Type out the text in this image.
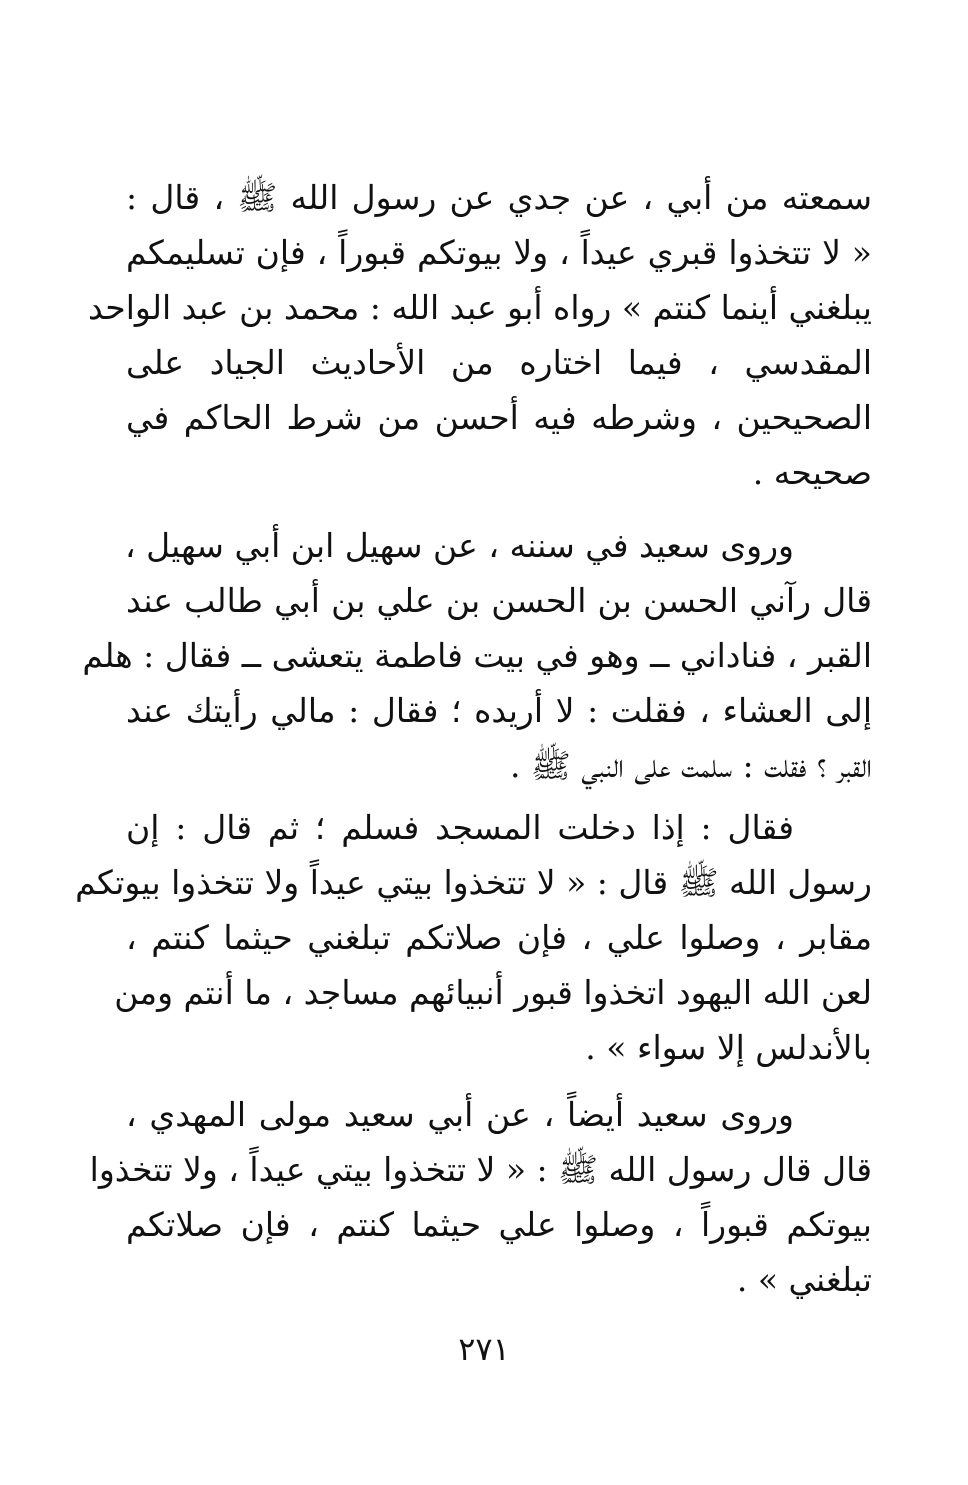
سمعته من أبي ، عن جدي عن رسول الله ﷺ ، قال :
« لا تتخذوا قبري عيداً ، ولا بيوتكم قبوراً ، فإن تسليمكم
يبلغني أينما كنتم » رواه أبو عبد الله : محمد بن عبد الواحد
المقدسي ، فيما اختاره من الأحاديث الجياد على
الصحيحين ، وشرطه فيه أحسن من شرط الحاكم في
صحيحه .
وروى سعيد في سننه ، عن سهيل ابن أبي سهيل ،
قال رآني الحسن بن الحسن بن علي بن أبي طالب عند
القبر ، فناداني ــ وهو في بيت فاطمة يتعشى ــ فقال : هلم
إلى العشاء ، فقلت : لا أريده ؛ فقال : مالي رأيتك عند
القبر ؟ فقلت : سلمت على النبي ﷺ .
فقال : إذا دخلت المسجد فسلم ؛ ثم قال : إن
رسول الله ﷺ قال : « لا تتخذوا بيتي عيداً ولا تتخذوا بيوتكم
مقابر ، وصلوا علي ، فإن صلاتكم تبلغني حيثما كنتم ،
لعن الله اليهود اتخذوا قبور أنبيائهم مساجد ، ما أنتم ومن
بالأندلس إلا سواء » .
وروى سعيد أيضاً ، عن أبي سعيد مولى المهدي ،
قال قال رسول الله ﷺ : « لا تتخذوا بيتي عيداً ، ولا تتخذوا
بيوتكم قبوراً ، وصلوا علي حيثما كنتم ، فإن صلاتكم
تبلغني » .
٢٧١
